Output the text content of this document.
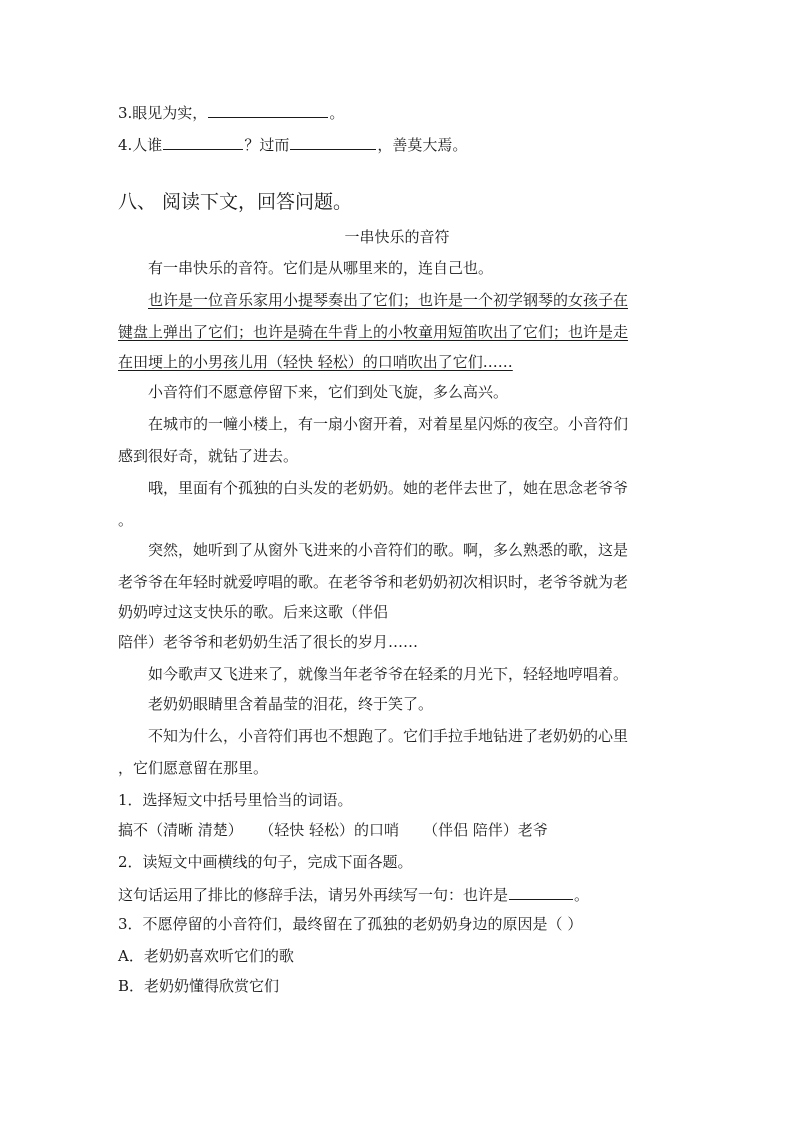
3.眼见为实，	。
4.人谁	？过而	，善莫大焉。
八、 阅读下文，回答问题。
一串快乐的音符
有一串快乐的音符。它们是从哪里来的，连自己也。
也许是一位音乐家用小提琴奏出了它们；也许是一个初学钢琴的女孩子在
键盘上弹出了它们；也许是骑在牛背上的小牧童用短笛吹出了它们；也许是走
在田埂上的小男孩儿用（轻快 轻松）的口哨吹出了它们……
小音符们不愿意停留下来，它们到处飞旋，多么高兴。
在城市的一幢小楼上，有一扇小窗开着，对着星星闪烁的夜空。小音符们
感到很好奇，就钻了进去。
哦，里面有个孤独的白头发的老奶奶。她的老伴去世了，她在思念老爷爷
。
突然，她听到了从窗外飞进来的小音符们的歌。啊，多么熟悉的歌，这是
老爷爷在年轻时就爱哼唱的歌。在老爷爷和老奶奶初次相识时，老爷爷就为老
奶奶哼过这支快乐的歌。后来这歌（伴侣
陪伴）老爷爷和老奶奶生活了很长的岁月……
如今歌声又飞进来了，就像当年老爷爷在轻柔的月光下，轻轻地哼唱着。
老奶奶眼睛里含着晶莹的泪花，终于笑了。
不知为什么，小音符们再也不想跑了。它们手拉手地钻进了老奶奶的心里
，它们愿意留在那里。
1．选择短文中括号里恰当的词语。
搞不（清晰 清楚） （轻快 轻松）的口哨 （伴侣 陪伴）老爷
2．读短文中画横线的句子，完成下面各题。
这句话运用了排比的修辞手法，请另外再续写一句：也许是	。
3．不愿停留的小音符们，最终留在了孤独的老奶奶身边的原因是（ ）
A．老奶奶喜欢听它们的歌
B．老奶奶懂得欣赏它们
